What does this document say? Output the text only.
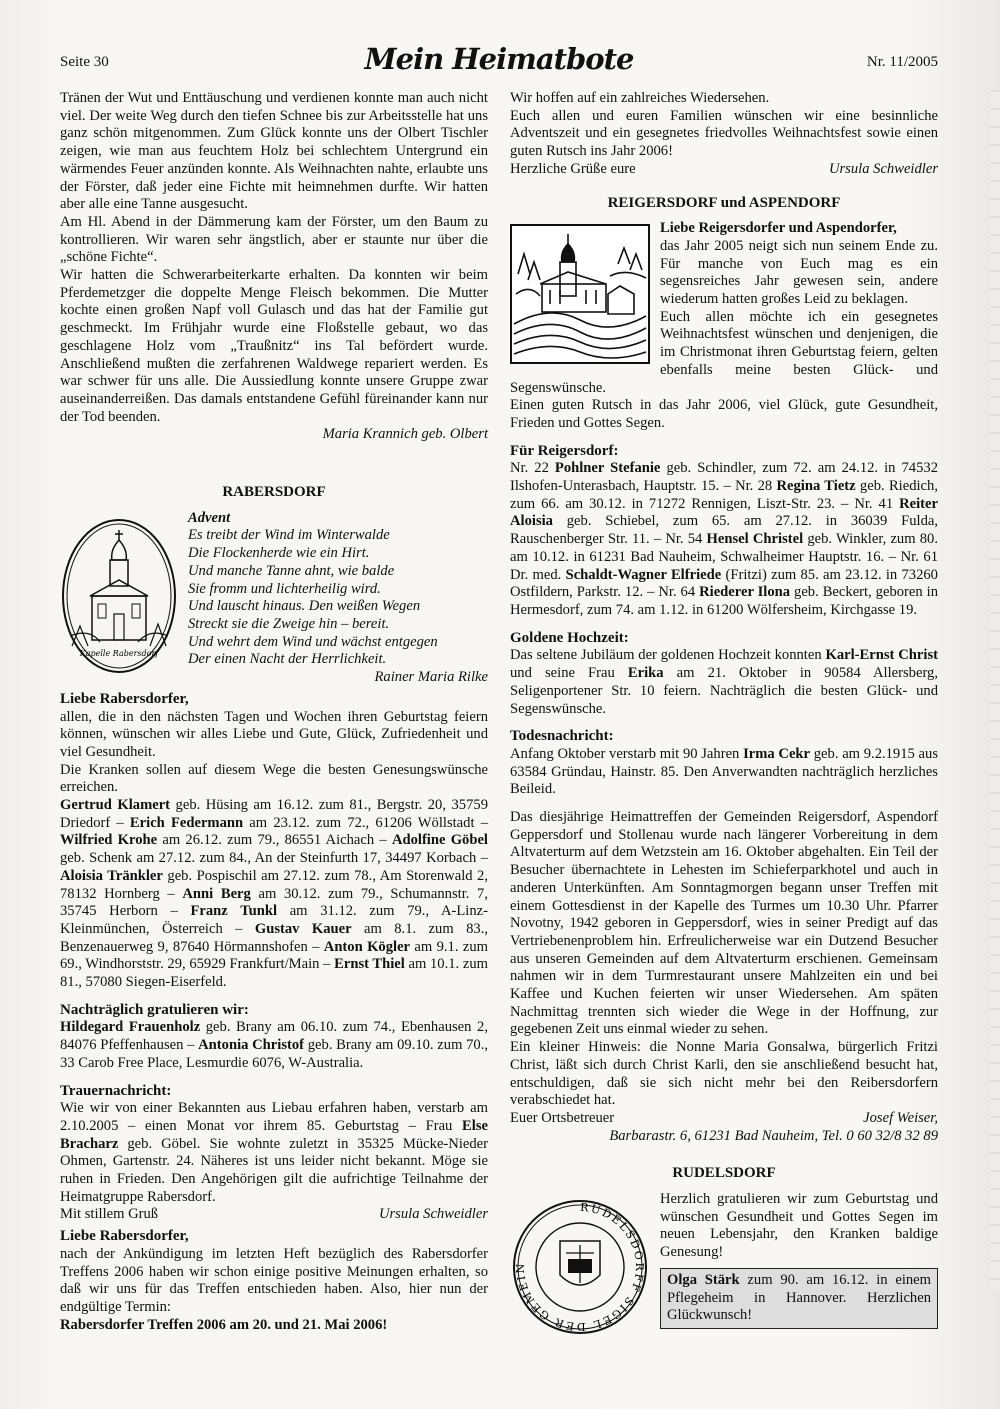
Seite 30	Mein Heimatbote	Nr. 11/2005

Tränen der Wut und Enttäuschung und verdienen konnte man auch nicht viel. Der weite Weg durch den tiefen Schnee bis zur Arbeitsstelle hat uns ganz schön mitgenommen. Zum Glück konnte uns der Olbert Tischler zeigen, wie man aus feuchtem Holz bei schlechtem Untergrund ein wärmendes Feuer anzünden konnte. Als Weihnachten nahte, erlaubte uns der Förster, daß jeder eine Fichte mit heimnehmen durfte. Wir hatten aber alle eine Tanne ausgesucht.

Am Hl. Abend in der Dämmerung kam der Förster, um den Baum zu kontrollieren. Wir waren sehr ängstlich, aber er staunte nur über die „schöne Fichte“.

Wir hatten die Schwerarbeiterkarte erhalten. Da konnten wir beim Pferdemetzger die doppelte Menge Fleisch bekommen. Die Mutter kochte einen großen Napf voll Gulasch und das hat der Familie gut geschmeckt. Im Frühjahr wurde eine Floßstelle gebaut, wo das geschlagene Holz vom „Traußnitz“ ins Tal befördert wurde. Anschließend mußten die zerfahrenen Waldwege repariert werden. Es war schwer für uns alle. Die Aussiedlung konnte unsere Gruppe zwar auseinanderreißen. Das damals entstandene Gefühl füreinander kann nur der Tod beenden.

Maria Krannich geb. Olbert

RABERSDORF
Kapelle Rabersdorf
Advent
Es treibt der Wind im Winterwalde
Die Flockenherde wie ein Hirt.
Und manche Tanne ahnt, wie balde
Sie fromm und lichterheilig wird.
Und lauscht hinaus. Den weißen Wegen
Streckt sie die Zweige hin – bereit.
Und wehrt dem Wind und wächst entgegen
Der einen Nacht der Herrlichkeit.

Rainer Maria Rilke

Liebe Rabersdorfer,

allen, die in den nächsten Tagen und Wochen ihren Geburtstag feiern können, wünschen wir alles Liebe und Gute, Glück, Zufriedenheit und viel Gesundheit.

Die Kranken sollen auf diesem Wege die besten Genesungswünsche erreichen.

Gertrud Klamert geb. Hüsing am 16.12. zum 81., Bergstr. 20, 35759 Driedorf – Erich Federmann am 23.12. zum 72., 61206 Wöllstadt – Wilfried Krohe am 26.12. zum 79., 86551 Aichach – Adolfine Göbel geb. Schenk am 27.12. zum 84., An der Steinfurth 17, 34497 Korbach – Aloisia Tränkler geb. Pospischil am 27.12. zum 78., Am Storenwald 2, 78132 Hornberg – Anni Berg am 30.12. zum 79., Schumannstr. 7, 35745 Herborn – Franz Tunkl am 31.12. zum 79., A-Linz-Kleinmünchen, Österreich – Gustav Kauer am 8.1. zum 83., Benzenauerweg 9, 87640 Hörmannshofen – Anton Kögler am 9.1. zum 69., Windhorststr. 29, 65929 Frankfurt/Main – Ernst Thiel am 10.1. zum 81., 57080 Siegen-Eiserfeld.

Nachträglich gratulieren wir:

Hildegard Frauenholz geb. Brany am 06.10. zum 74., Ebenhausen 2, 84076 Pfeffenhausen – Antonia Christof geb. Brany am 09.10. zum 70., 33 Carob Free Place, Lesmurdie 6076, W-Australia.

Trauernachricht:

Wie wir von einer Bekannten aus Liebau erfahren haben, verstarb am 2.10.2005 – einen Monat vor ihrem 85. Geburtstag – Frau Else Bracharz geb. Göbel. Sie wohnte zuletzt in 35325 Mücke-Nieder Ohmen, Gartenstr. 24. Näheres ist uns leider nicht bekannt. Möge sie ruhen in Frieden. Den Angehörigen gilt die aufrichtige Teilnahme der Heimatgruppe Rabersdorf.

Mit stillem Gruß	Ursula Schweidler
Liebe Rabersdorfer,

nach der Ankündigung im letzten Heft bezüglich des Rabersdorfer Treffens 2006 haben wir schon einige positive Meinungen erhalten, so daß wir uns für das Treffen entschieden haben. Also, hier nun der endgültige Termin:

Rabersdorfer Treffen 2006 am 20. und 21. Mai 2006!

Wir hoffen auf ein zahlreiches Wiedersehen.

Euch allen und euren Familien wünschen wir eine besinnliche Adventszeit und ein gesegnetes friedvolles Weihnachtsfest sowie einen guten Rutsch ins Jahr 2006!

Herzliche Grüße eure	Ursula Schweidler
REIGERSDORF und ASPENDORF

Liebe Reigersdorfer und Aspendorfer,

das Jahr 2005 neigt sich nun seinem Ende zu. Für manche von Euch mag es ein segensreiches Jahr gewesen sein, andere wiederum hatten großes Leid zu beklagen.

Euch allen möchte ich ein gesegnetes Weihnachtsfest wünschen und denjenigen, die im Christmonat ihren Geburtstag feiern, gelten ebenfalls meine besten Glück- und Segenswünsche.

Einen guten Rutsch in das Jahr 2006, viel Glück, gute Gesundheit, Frieden und Gottes Segen.

Für Reigersdorf:

Nr. 22 Pohlner Stefanie geb. Schindler, zum 72. am 24.12. in 74532 Ilshofen-Unterasbach, Hauptstr. 15. – Nr. 28 Regina Tietz geb. Riedich, zum 66. am 30.12. in 71272 Rennigen, Liszt-Str. 23. – Nr. 41 Reiter Aloisia geb. Schiebel, zum 65. am 27.12. in 36039 Fulda, Rauschenberger Str. 11. – Nr. 54 Hensel Christel geb. Winkler, zum 80. am 10.12. in 61231 Bad Nauheim, Schwalheimer Hauptstr. 16. – Nr. 61 Dr. med. Schaldt-Wagner Elfriede (Fritzi) zum 85. am 23.12. in 73260 Ostfildern, Parkstr. 12. – Nr. 64 Riederer Ilona geb. Beckert, geboren in Hermesdorf, zum 74. am 1.12. in 61200 Wölfersheim, Kirchgasse 19.

Goldene Hochzeit:

Das seltene Jubiläum der goldenen Hochzeit konnten Karl-Ernst Christ und seine Frau Erika am 21. Oktober in 90584 Allersberg, Seligenportener Str. 10 feiern. Nachträglich die besten Glück- und Segenswünsche.

Todesnachricht:

Anfang Oktober verstarb mit 90 Jahren Irma Cekr geb. am 9.2.1915 aus 63584 Gründau, Hainstr. 85. Den Anverwandten nachträglich herzliches Beileid.

Das diesjährige Heimattreffen der Gemeinden Reigersdorf, Aspendorf Geppersdorf und Stollenau wurde nach längerer Vorbereitung in dem Altvaterturm auf dem Wetzstein am 16. Oktober abgehalten. Ein Teil der Besucher übernachtete in Lehesten im Schieferparkhotel und auch in anderen Unterkünften. Am Sonntagmorgen begann unser Treffen mit einem Gottesdienst in der Kapelle des Turmes um 10.30 Uhr. Pfarrer Novotny, 1942 geboren in Geppersdorf, wies in seiner Predigt auf das Vertriebenenproblem hin. Erfreulicherweise war ein Dutzend Besucher aus unseren Gemeinden auf dem Altvaterturm erschienen. Gemeinsam nahmen wir in dem Turmrestaurant unsere Mahlzeiten ein und bei Kaffee und Kuchen feierten wir unser Wiedersehen. Am späten Nachmittag trennten sich wieder die Wege in der Hoffnung, zur gegebenen Zeit uns einmal wieder zu sehen.

Ein kleiner Hinweis: die Nonne Maria Gonsalwa, bürgerlich Fritzi Christ, läßt sich durch Christ Karli, den sie anschließend besucht hat, entschuldigen, daß sie sich nicht mehr bei den Reibersdorfern verabschiedet hat.

Euer Ortsbetreuer	Josef Weiser,

Barbarastr. 6, 61231 Bad Nauheim, Tel. 0 60 32/8 32 89

RUDELSDORF
RUDELSDORFF SIGEL DER GEMEIN

Herzlich gratulieren wir zum Geburtstag und wünschen Gesundheit und Gottes Segen im neuen Lebensjahr, den Kranken baldige Genesung!

Olga Stärk zum 90. am 16.12. in einem Pflegeheim in Hannover. Herzlichen Glückwunsch!
